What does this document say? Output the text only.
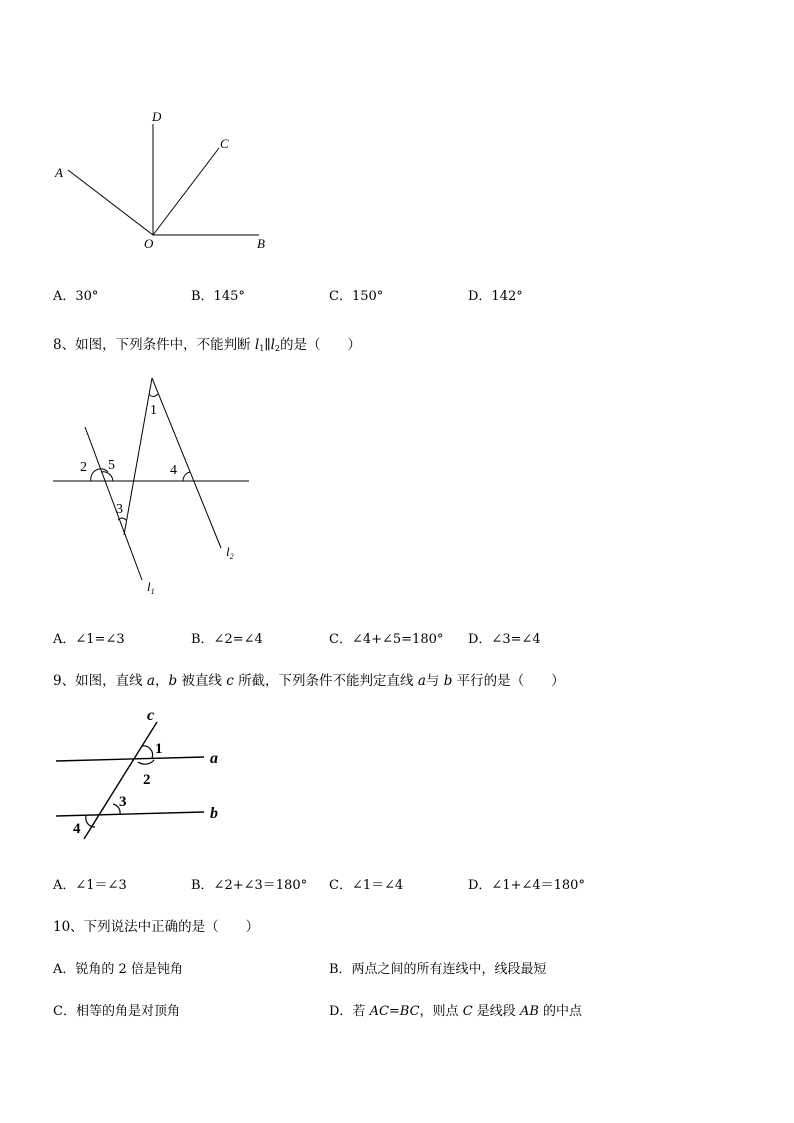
D
A
C
O	B
A．30°	B．145°	C．150°	D．142°
8、如图，下列条件中，不能判断 $l_1\parallel l_2$的是（　　）
1
2 5
3
4
$l_2$
$l_1$
A．∠1=∠3	B．∠2=∠4	C．∠4+∠5=180° D．∠3=∠4
9、如图，直线 a，b 被直线 c 所截，下列条件不能判定直线 a与 b 平行的是（　　）
c
a
b
1
2
3
4
A．∠1＝∠3	B．∠2+∠3＝180° C．∠1＝∠4	D．∠1+∠4＝180°
10、下列说法中正确的是（　　）
A．锐角的 2 倍是钝角	B．两点之间的所有连线中，线段最短
C．相等的角是对顶角	D．若 AC=BC，则点 C 是线段 AB 的中点
